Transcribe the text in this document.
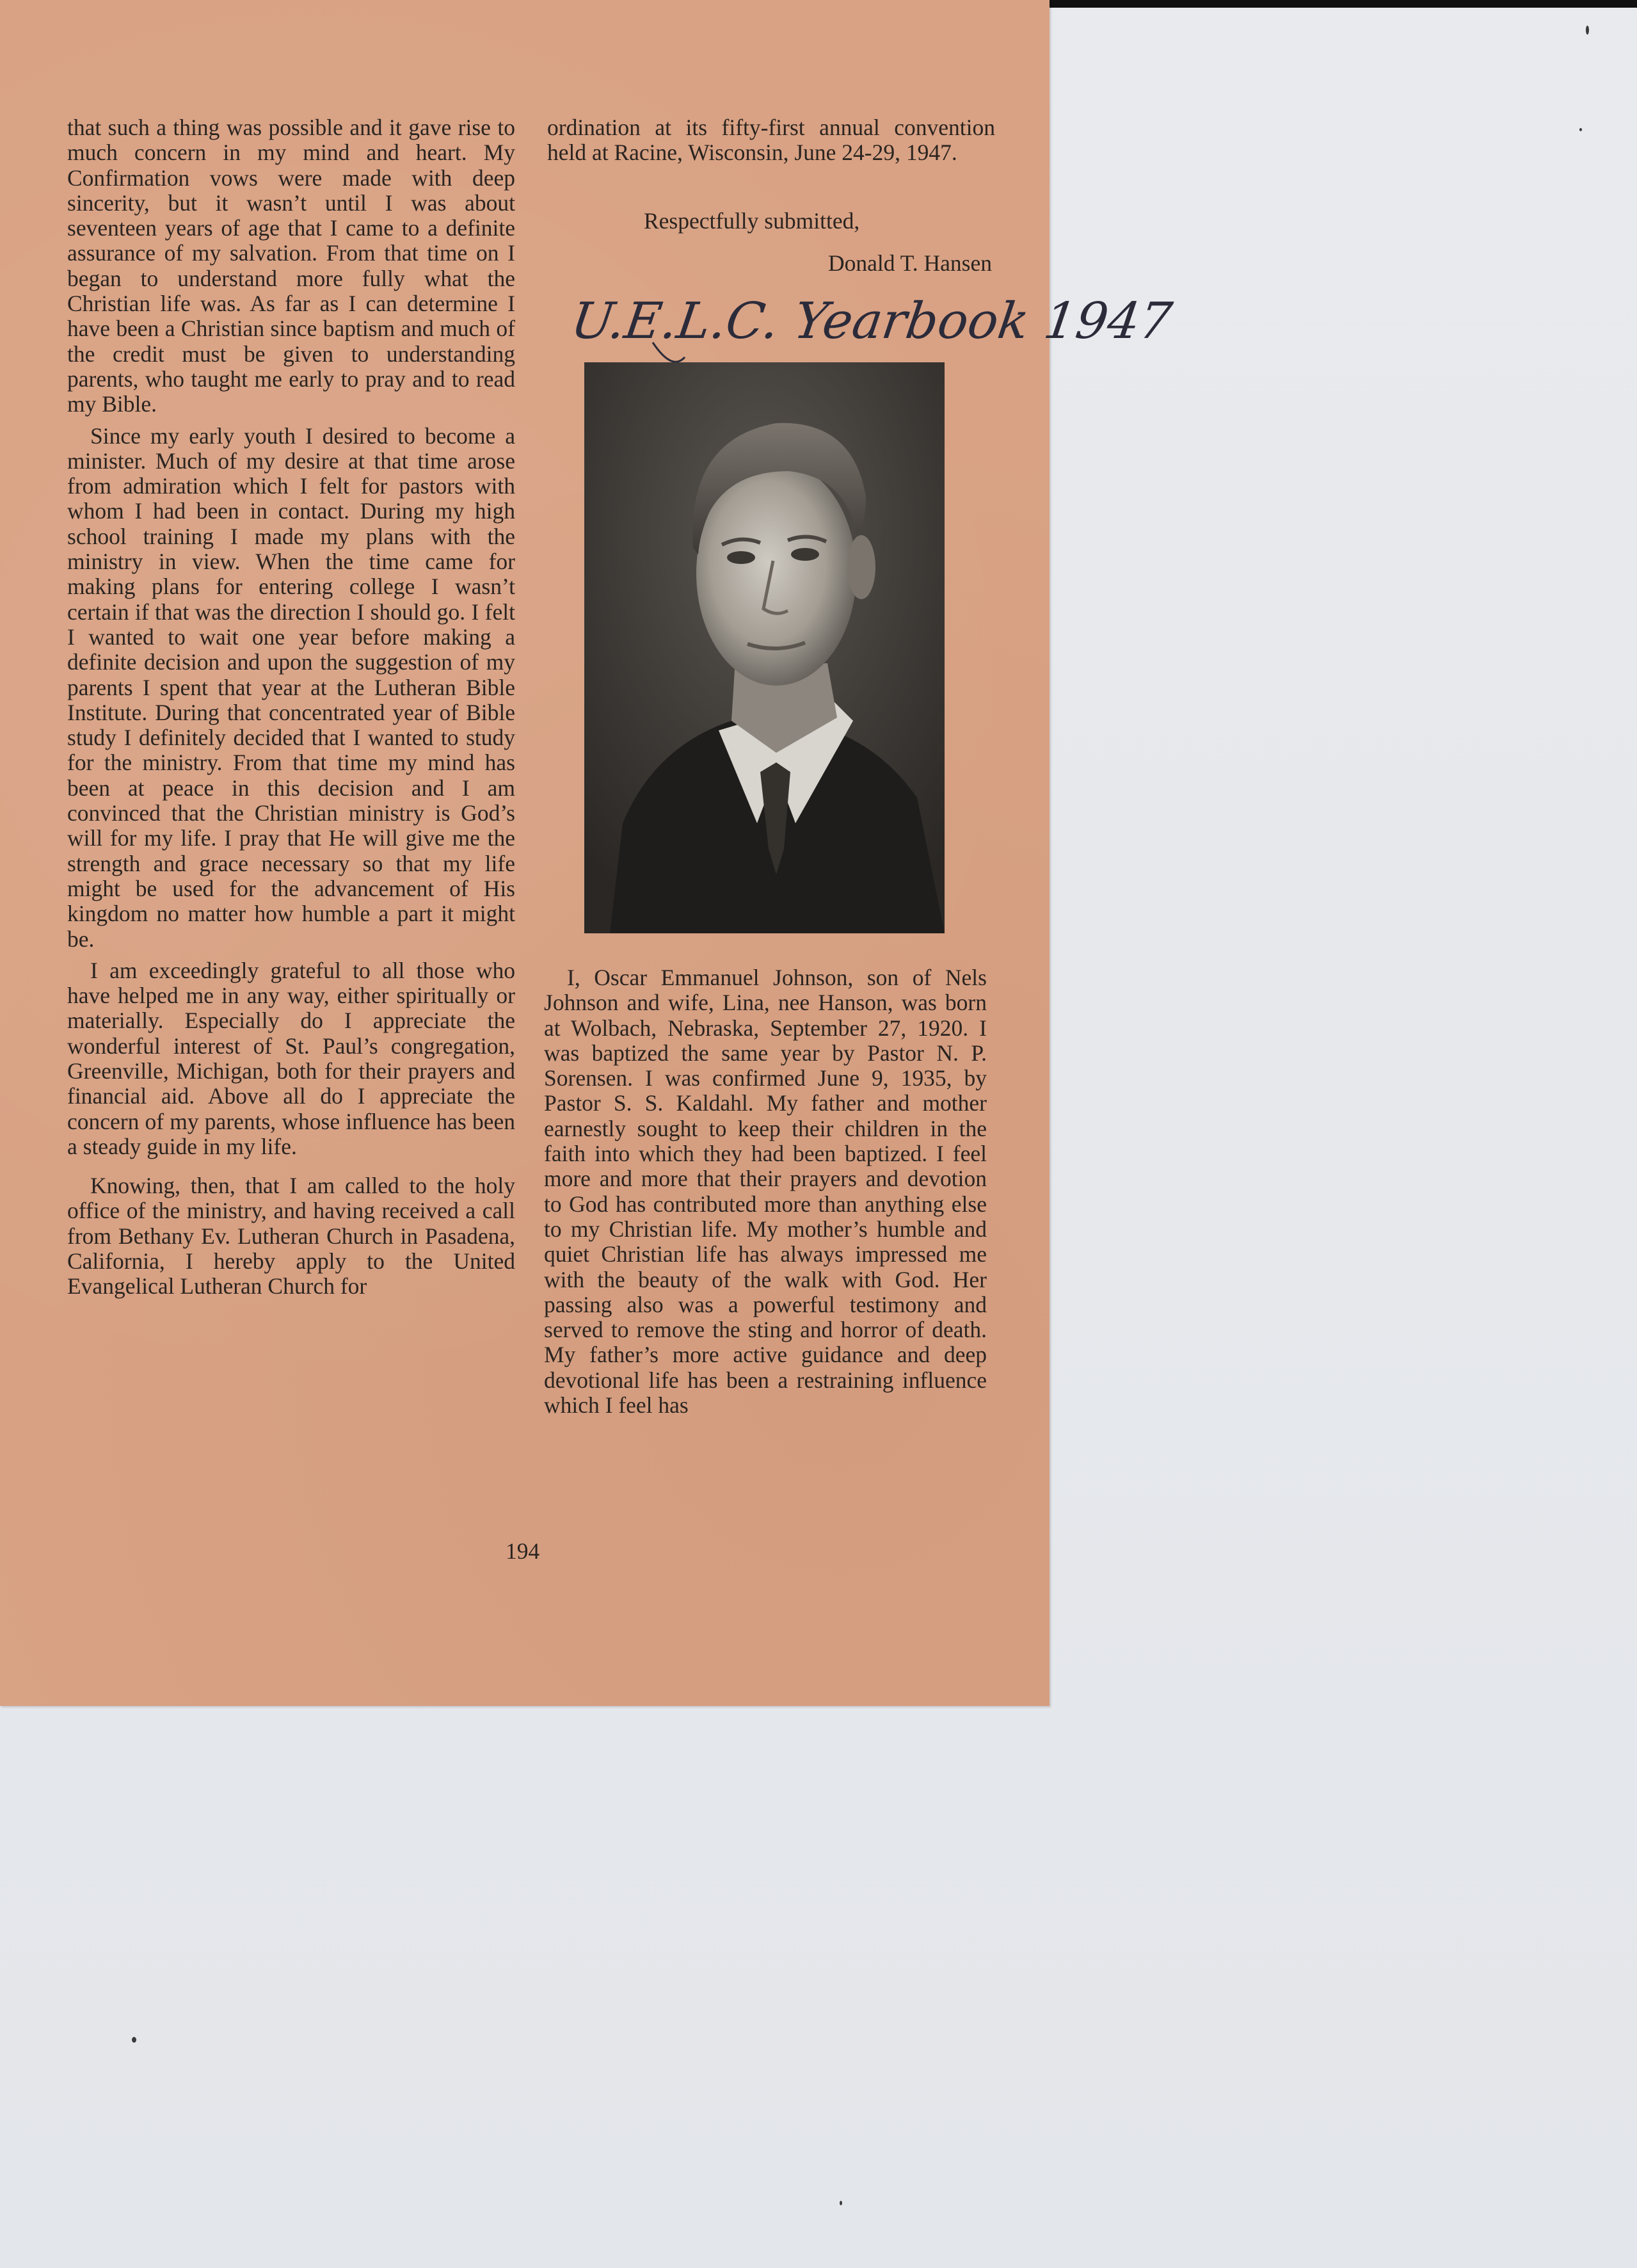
that such a thing was possible and it gave rise to much concern in my mind and heart. My Confirmation vows were made with deep sincerity, but it wasn’t until I was about seventeen years of age that I came to a definite assurance of my salvation. From that time on I began to understand more fully what the Christian life was. As far as I can determine I have been a Christian since baptism and much of the credit must be given to understanding parents, who taught me early to pray and to read my Bible.

Since my early youth I desired to become a minister. Much of my desire at that time arose from admiration which I felt for pastors with whom I had been in contact. During my high school training I made my plans with the ministry in view. When the time came for making plans for entering college I wasn’t certain if that was the direction I should go. I felt I wanted to wait one year before making a definite decision and upon the suggestion of my parents I spent that year at the Lutheran Bible Institute. During that concentrated year of Bible study I definitely decided that I wanted to study for the ministry. From that time my mind has been at peace in this decision and I am convinced that the Christian ministry is God’s will for my life. I pray that He will give me the strength and grace necessary so that my life might be used for the advancement of His kingdom no matter how humble a part it might be.

I am exceedingly grateful to all those who have helped me in any way, either spiritually or materially. Especially do I appreciate the wonderful interest of St. Paul’s congregation, Greenville, Michigan, both for their prayers and financial aid. Above all do I appreciate the concern of my parents, whose influence has been a steady guide in my life.

Knowing, then, that I am called to the holy office of the ministry, and having received a call from Bethany Ev. Lutheran Church in Pasadena, California, I hereby apply to the United Evangelical Lutheran Church for

ordination at its fifty-first annual convention held at Racine, Wisconsin, June 24-29, 1947.

Respectfully submitted,

Donald T. Hansen

U.E.L.C. Yearbook 1947

I, Oscar Emmanuel Johnson, son of Nels Johnson and wife, Lina, nee Hanson, was born at Wolbach, Nebraska, September 27, 1920. I was baptized the same year by Pastor N. P. Sorensen. I was confirmed June 9, 1935, by Pastor S. S. Kaldahl. My father and mother earnestly sought to keep their children in the faith into which they had been baptized. I feel more and more that their prayers and devotion to God has contributed more than anything else to my Christian life. My mother’s humble and quiet Christian life has always impressed me with the beauty of the walk with God. Her passing also was a powerful testimony and served to remove the sting and horror of death. My father’s more active guidance and deep devotional life has been a restraining influence which I feel has

194
